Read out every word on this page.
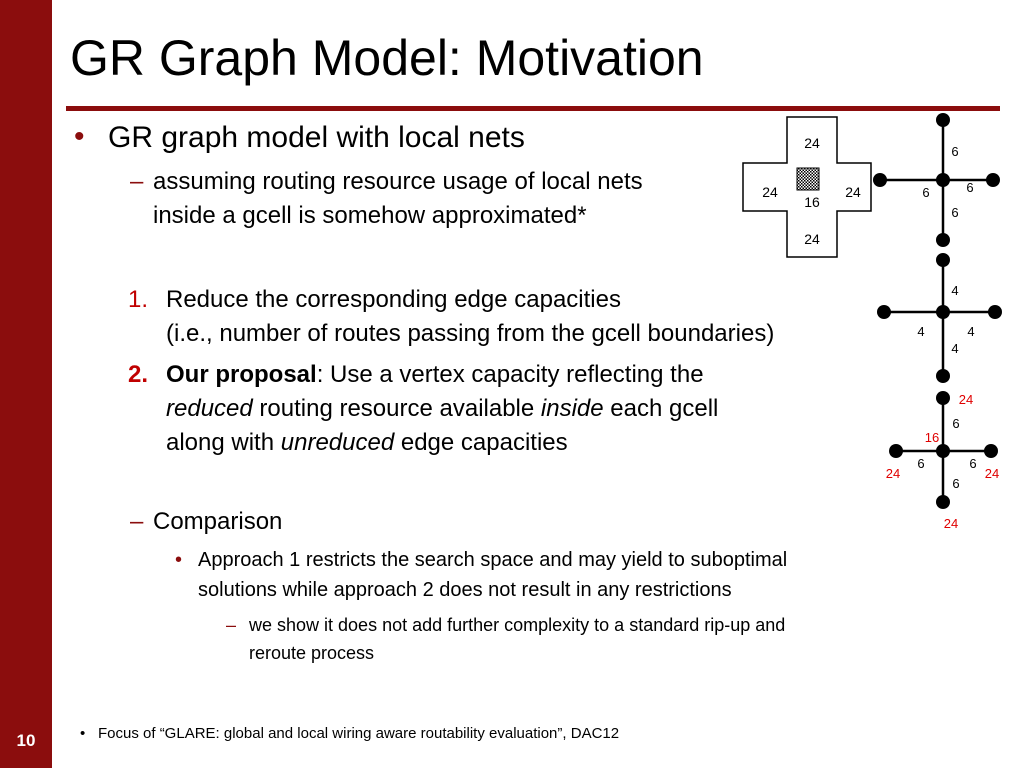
10
GR Graph Model: Motivation
• GR graph model with local nets
– assuming routing resource usage of local nets
inside a gcell is somehow approximated*
1. Reduce the corresponding edge capacities
(i.e., number of routes passing from the gcell boundaries)
2. Our proposal: Use a vertex capacity reflecting the
reduced routing resource available inside each gcell
along with unreduced edge capacities
– Comparison
• Approach 1 restricts the search space and may yield to suboptimal
solutions while approach 2 does not result in any restrictions
– we show it does not add further complexity to a standard rip-up and
reroute process
• Focus of “GLARE: global and local wiring aware routability evaluation”, DAC12
24
24	24
16
24
6
6	6
6
4
4	4
4
24
6
16
6	6
24	24
6
24
